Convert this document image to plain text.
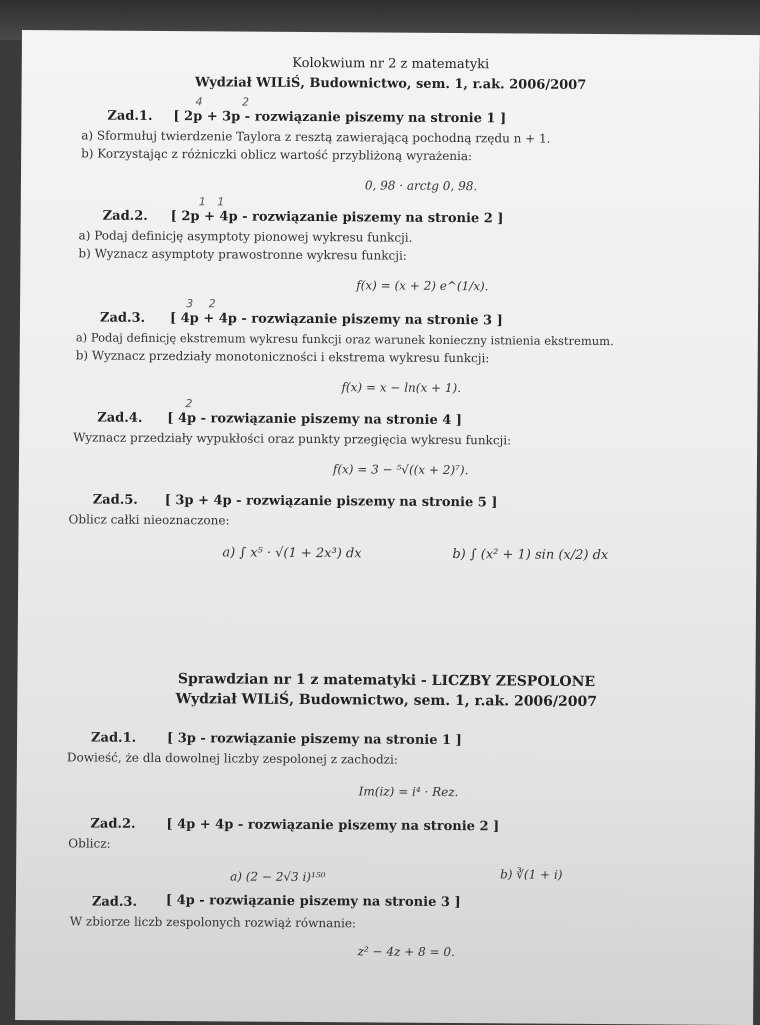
Kolokwium nr 2 z matematyki
Wydział WILiŚ, Budownictwo, sem. 1, r.ak. 2006/2007
4 2
Zad.1. [ 2p + 3p - rozwiązanie piszemy na stronie 1 ]
a) Sformułuj twierdzenie Taylora z resztą zawierającą pochodną rzędu n + 1.
b) Korzystając z różniczki oblicz wartość przybliżoną wyrażenia:
0, 98 · arctg 0, 98.
1 1
Zad.2. [ 2p + 4p - rozwiązanie piszemy na stronie 2 ]
a) Podaj definicję asymptoty pionowej wykresu funkcji.
b) Wyznacz asymptoty prawostronne wykresu funkcji:
f(x) = (x + 2) e^(1/x).
3 2
Zad.3. [ 4p + 4p - rozwiązanie piszemy na stronie 3 ]
a) Podaj definicję ekstremum wykresu funkcji oraz warunek konieczny istnienia ekstremum.
b) Wyznacz przedziały monotoniczności i ekstrema wykresu funkcji:
f(x) = x − ln(x + 1).
2
Zad.4. [ 4p - rozwiązanie piszemy na stronie 4 ]
Wyznacz przedziały wypukłości oraz punkty przegięcia wykresu funkcji:
f(x) = 3 − ⁵√((x + 2)⁷).
Zad.5. [ 3p + 4p - rozwiązanie piszemy na stronie 5 ]
Oblicz całki nieoznaczone:
a) ∫ x⁵ · √(1 + 2x³) dx	b) ∫ (x² + 1) sin (x/2) dx
Sprawdzian nr 1 z matematyki - LICZBY ZESPOLONE
Wydział WILiŚ, Budownictwo, sem. 1, r.ak. 2006/2007
Zad.1. [ 3p - rozwiązanie piszemy na stronie 1 ]
Dowieść, że dla dowolnej liczby zespolonej z zachodzi:
Im(iz) = i⁴ · Rez.
Zad.2. [ 4p + 4p - rozwiązanie piszemy na stronie 2 ]
Oblicz:
a) (2 − 2√3 i)¹⁵⁰	b) ∛(1 + i)
Zad.3. [ 4p - rozwiązanie piszemy na stronie 3 ]
W zbiorze liczb zespolonych rozwiąż równanie:
z² − 4z + 8 = 0.
